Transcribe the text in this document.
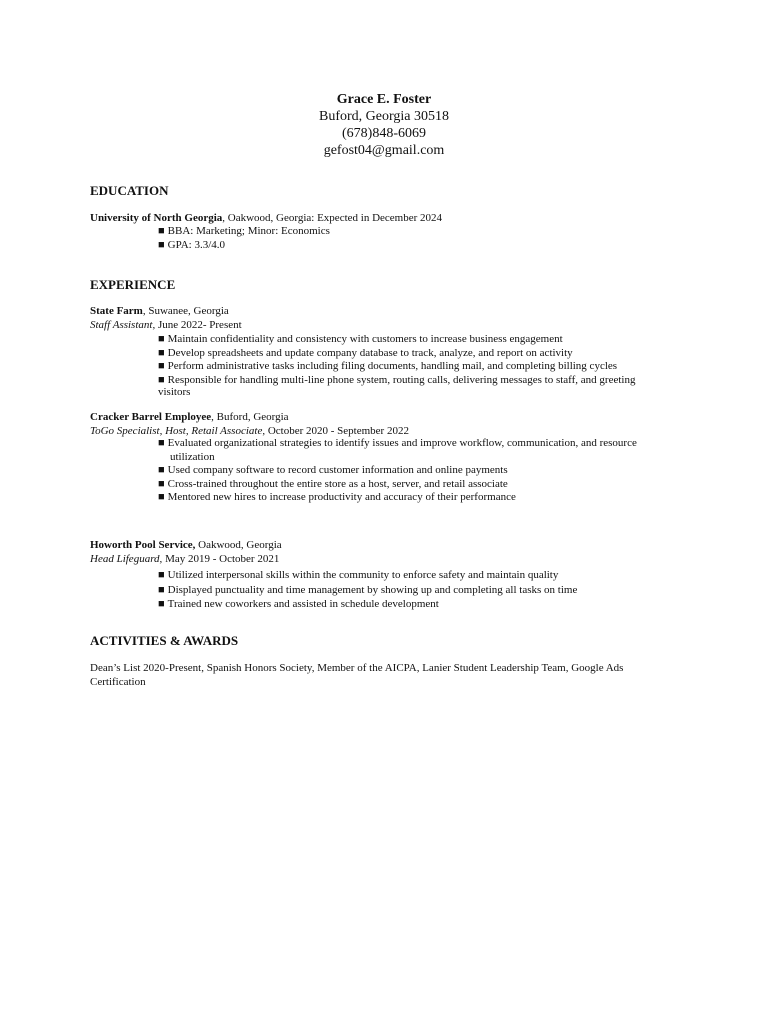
Grace E. Foster
Buford, Georgia 30518
(678)848-6069
gefost04@gmail.com
EDUCATION
University of North Georgia, Oakwood, Georgia: Expected in December 2024
■ BBA: Marketing; Minor: Economics
■ GPA: 3.3/4.0
EXPERIENCE
State Farm, Suwanee, Georgia
Staff Assistant, June 2022- Present
■ Maintain confidentiality and consistency with customers to increase business engagement
■ Develop spreadsheets and update company database to track, analyze, and report on activity
■ Perform administrative tasks including filing documents, handling mail, and completing billing cycles
■ Responsible for handling multi-line phone system, routing calls, delivering messages to staff, and greeting
visitors
Cracker Barrel Employee, Buford, Georgia
ToGo Specialist, Host, Retail Associate, October 2020 - September 2022
■ Evaluated organizational strategies to identify issues and improve workflow, communication, and resource
utilization
■ Used company software to record customer information and online payments
■ Cross-trained throughout the entire store as a host, server, and retail associate
■ Mentored new hires to increase productivity and accuracy of their performance
Howorth Pool Service, Oakwood, Georgia
Head Lifeguard, May 2019 - October 2021
■ Utilized interpersonal skills within the community to enforce safety and maintain quality
■ Displayed punctuality and time management by showing up and completing all tasks on time
■ Trained new coworkers and assisted in schedule development
ACTIVITIES & AWARDS
Dean’s List 2020-Present, Spanish Honors Society, Member of the AICPA, Lanier Student Leadership Team, Google Ads Certification
